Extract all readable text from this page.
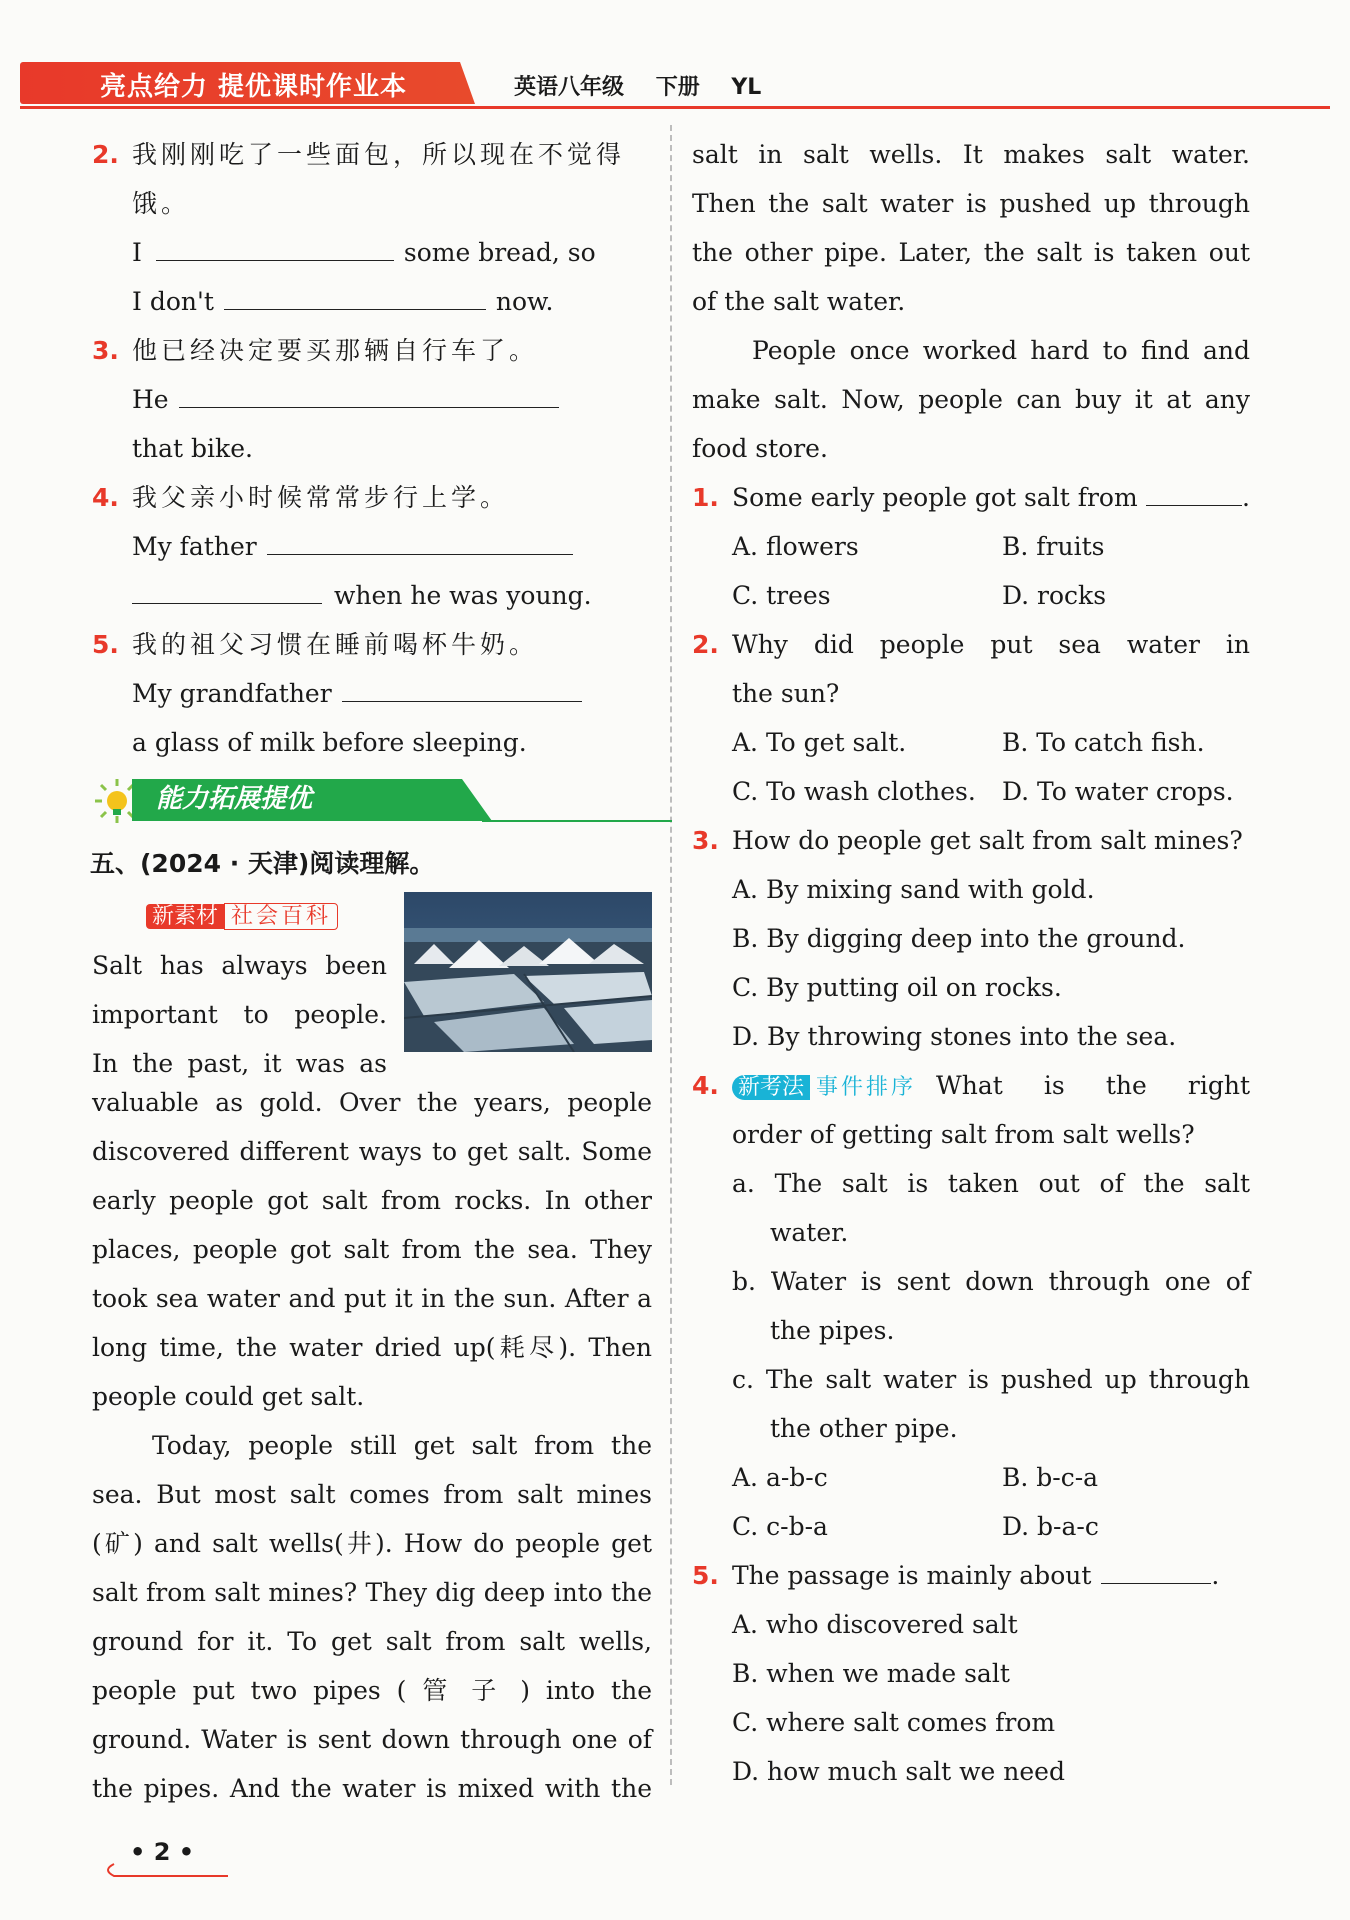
亮点给力 提优课时作业本	英语八年级 下册 YL
2. 我刚刚吃了一些面包，所以现在不觉得饿。
I	some bread, so
I don't	now.
3. 他已经决定要买那辆自行车了。
He
that bike.
4. 我父亲小时候常常步行上学。
My father
when he was young.
5. 我的祖父习惯在睡前喝杯牛奶。
My grandfather
a glass of milk before sleeping.
能力拓展提优
五、(2024 · 天津)阅读理解。
新素材 社会百科
Salt has always been
important to people.
In the past, it was as
valuable as gold. Over the years, people
discovered different ways to get salt. Some
early people got salt from rocks. In other
places, people got salt from the sea. They
took sea water and put it in the sun. After a
long time, the water dried up(耗尽). Then
people could get salt.
Today, people still get salt from the
sea. But most salt comes from salt mines
(矿) and salt wells(井). How do people get
salt from salt mines? They dig deep into the
ground for it. To get salt from salt wells,
people put two pipes ( 管 子 ) into the
ground. Water is sent down through one of
the pipes. And the water is mixed with the
salt in salt wells. It makes salt water.
Then the salt water is pushed up through
the other pipe. Later, the salt is taken out
of the salt water.
People once worked hard to find and
make salt. Now, people can buy it at any
food store.
1. Some early people got salt from	.
A. flowers	B. fruits
C. trees	D. rocks
2. Why did people put sea water in
the sun?
A. To get salt.	B. To catch fish.
C. To wash clothes.	D. To water crops.
3. How do people get salt from salt mines?
A. By mixing sand with gold.
B. By digging deep into the ground.
C. By putting oil on rocks.
D. By throwing stones into the sea.
4. 新考法 事件排序 What is the right
order of getting salt from salt wells?
a. The salt is taken out of the salt
water.
b. Water is sent down through one of
the pipes.
c. The salt water is pushed up through
the other pipe.
A. a-b-c	B. b-c-a
C. c-b-a	D. b-a-c
5. The passage is mainly about	.
A. who discovered salt
B. when we made salt
C. where salt comes from
D. how much salt we need
• 2 •
